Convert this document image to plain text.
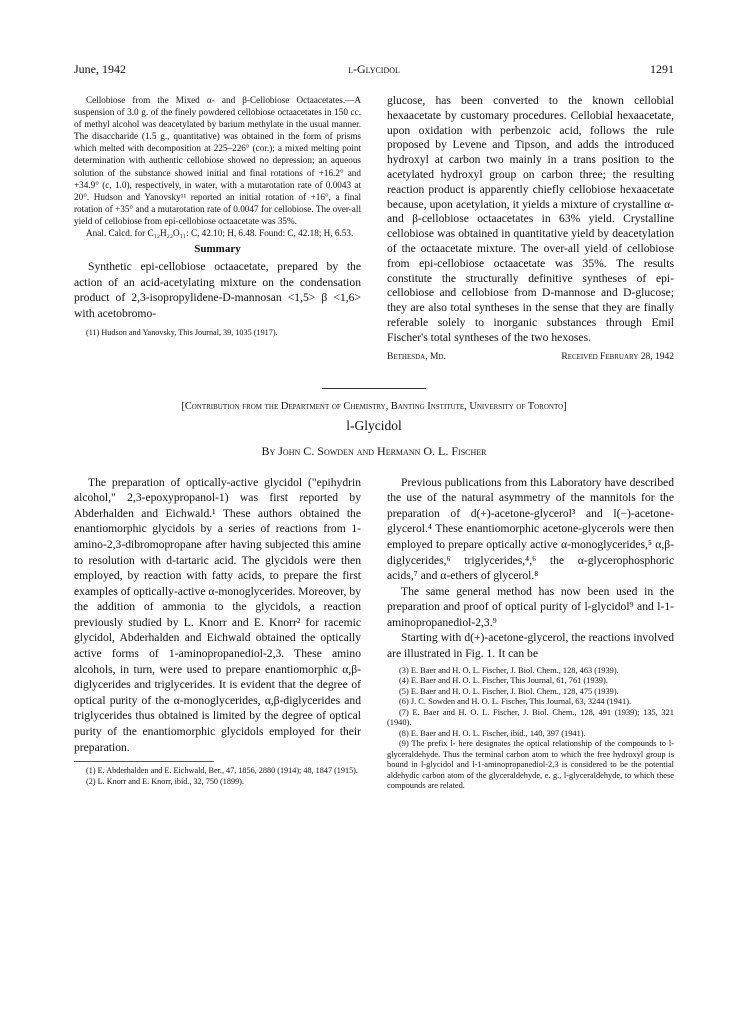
June, 1942	l-Glycidol	1291

Cellobiose from the Mixed α- and β-Cellobiose Octaacetates.—A suspension of 3.0 g. of the finely powdered cellobiose octaacetates in 150 cc. of methyl alcohol was deacetylated by barium methylate in the usual manner. The disaccharide (1.5 g., quantitative) was obtained in the form of prisms which melted with decomposition at 225–226° (cor.); a mixed melting point determination with authentic cellobiose showed no depression; an aqueous solution of the substance showed initial and final rotations of +16.2° and +34.9° (c, 1.0), respectively, in water, with a mutarotation rate of 0.0043 at 20°. Hudson and Yanovsky¹¹ reported an initial rotation of +16°, a final rotation of +35° and a mutarotation rate of 0.0047 for cellobiose. The over-all yield of cellobiose from epi-cellobiose octaacetate was 35%.

Anal. Calcd. for C₁₂H₂₂O₁₁: C, 42.10; H, 6.48. Found: C, 42.18; H, 6.53.

Summary

Synthetic epi-cellobiose octaacetate, prepared by the action of an acid-acetylating mixture on the condensation product of 2,3-isopropylidene-D-mannosan <1,5> β <1,6> with acetobromo-

(11) Hudson and Yanovsky, This Journal, 39, 1035 (1917).

glucose, has been converted to the known cellobial hexaacetate by customary procedures. Cellobial hexaacetate, upon oxidation with perbenzoic acid, follows the rule proposed by Levene and Tipson, and adds the introduced hydroxyl at carbon two mainly in a trans position to the acetylated hydroxyl group on carbon three; the resulting reaction product is apparently chiefly cellobiose hexaacetate because, upon acetylation, it yields a mixture of crystalline α- and β-cellobiose octaacetates in 63% yield. Crystalline cellobiose was obtained in quantitative yield by deacetylation of the octaacetate mixture. The over-all yield of cellobiose from epi-cellobiose octaacetate was 35%. The results constitute the structurally definitive syntheses of epi-cellobiose and cellobiose from D-mannose and D-glucose; they are also total syntheses in the sense that they are finally referable solely to inorganic substances through Emil Fischer's total syntheses of the two hexoses.

Bethesda, Md.	Received February 28, 1942
[Contribution from the Department of Chemistry, Banting Institute, University of Toronto]
l-Glycidol
By John C. Sowden and Hermann O. L. Fischer

The preparation of optically-active glycidol ("epihydrin alcohol," 2,3-epoxypropanol-1) was first reported by Abderhalden and Eichwald.¹ These authors obtained the enantiomorphic glycidols by a series of reactions from 1-amino-2,3-dibromopropane after having subjected this amine to resolution with d-tartaric acid. The glycidols were then employed, by reaction with fatty acids, to prepare the first examples of optically-active α-monoglycerides. Moreover, by the addition of ammonia to the glycidols, a reaction previously studied by L. Knorr and E. Knorr² for racemic glycidol, Abderhalden and Eichwald obtained the optically active forms of 1-aminopropanediol-2,3. These amino alcohols, in turn, were used to prepare enantiomorphic α,β-diglycerides and triglycerides. It is evident that the degree of optical purity of the α-monoglycerides, α,β-diglycerides and triglycerides thus obtained is limited by the degree of optical purity of the enantiomorphic glycidols employed for their preparation.

(1) E. Abderhalden and E. Eichwald, Ber., 47, 1856, 2880 (1914); 48, 1847 (1915).

(2) L. Knorr and E. Knorr, ibid., 32, 750 (1899).

Previous publications from this Laboratory have described the use of the natural asymmetry of the mannitols for the preparation of d(+)-acetone-glycerol³ and l(−)-acetone-glycerol.⁴ These enantiomorphic acetone-glycerols were then employed to prepare optically active α-monoglycerides,⁵ α,β-diglycerides,⁶ triglycerides,⁴,⁶ the α-glycerophosphoric acids,⁷ and α-ethers of glycerol.⁸

The same general method has now been used in the preparation and proof of optical purity of l-glycidol⁹ and l-1-aminopropanediol-2,3.⁹

Starting with d(+)-acetone-glycerol, the reactions involved are illustrated in Fig. 1. It can be

(3) E. Baer and H. O. L. Fischer, J. Biol. Chem., 128, 463 (1939).

(4) E. Baer and H. O. L. Fischer, This Journal, 61, 761 (1939).

(5) E. Baer and H. O. L. Fischer, J. Biol. Chem., 128, 475 (1939).

(6) J. C. Sowden and H. O. L. Fischer, This Journal, 63, 3244 (1941).

(7) E. Baer and H. O. L. Fischer, J. Biol. Chem., 128, 491 (1939); 135, 321 (1940).

(8) E. Baer and H. O. L. Fischer, ibid., 140, 397 (1941).

(9) The prefix l- here designates the optical relationship of the compounds to l-glyceraldehyde. Thus the terminal carbon atom to which the free hydroxyl group is bound in l-glycidol and l-1-aminopropanediol-2,3 is considered to be the potential aldehydic carbon atom of the glyceraldehyde, e. g., l-glyceraldehyde, to which these compounds are related.
